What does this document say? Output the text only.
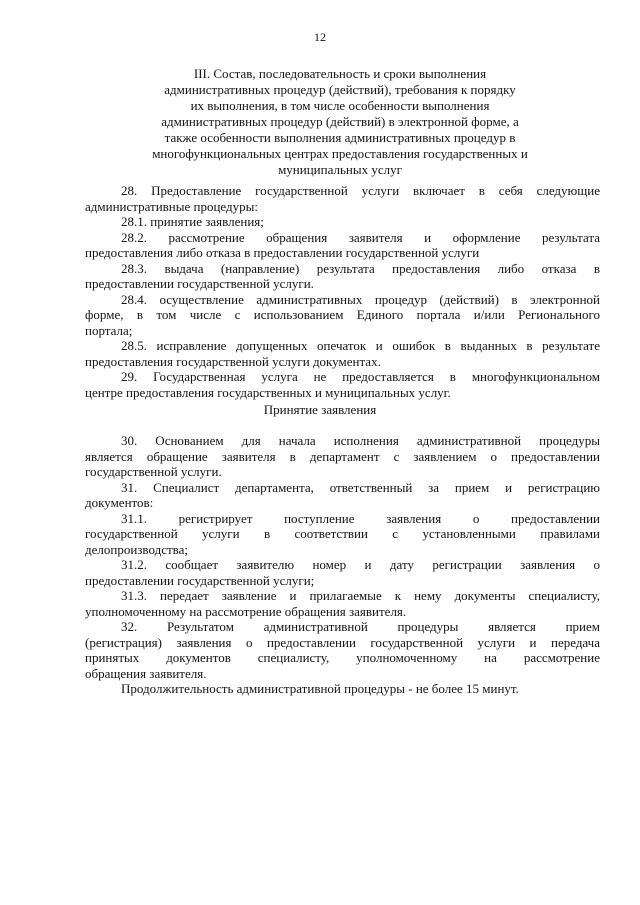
12
III. Состав, последовательность и сроки выполнения
административных процедур (действий), требования к порядку
их выполнения, в том числе особенности выполнения
административных процедур (действий) в электронной форме, а
также особенности выполнения административных процедур в
многофункциональных центрах предоставления государственных и
муниципальных услуг
28. Предоставление государственной услуги включает в себя следующие
административные процедуры:
28.1. принятие заявления;
28.2. рассмотрение обращения заявителя и оформление результата
предоставления либо отказа в предоставлении государственной услуги
28.3. выдача (направление) результата предоставления либо отказа в
предоставлении государственной услуги.
28.4. осуществление административных процедур (действий) в электронной
форме, в том числе с использованием Единого портала и/или Регионального
портала;
28.5. исправление допущенных опечаток и ошибок в выданных в результате
предоставления государственной услуги документах.
29. Государственная услуга не предоставляется в многофункциональном
центре предоставления государственных и муниципальных услуг.
Принятие заявления
30. Основанием для начала исполнения административной процедуры
является обращение заявителя в департамент с заявлением о предоставлении
государственной услуги.
31. Специалист департамента, ответственный за прием и регистрацию
документов:
31.1. регистрирует поступление заявления о предоставлении
государственной услуги в соответствии с установленными правилами
делопроизводства;
31.2. сообщает заявителю номер и дату регистрации заявления о
предоставлении государственной услуги;
31.3. передает заявление и прилагаемые к нему документы специалисту,
уполномоченному на рассмотрение обращения заявителя.
32. Результатом административной процедуры является прием
(регистрация) заявления о предоставлении государственной услуги и передача
принятых документов специалисту, уполномоченному на рассмотрение
обращения заявителя.
Продолжительность административной процедуры - не более 15 минут.
